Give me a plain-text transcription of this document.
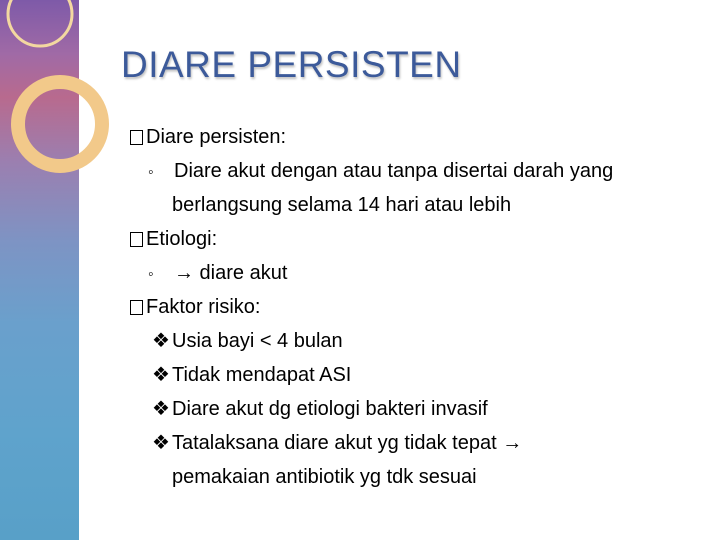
DIARE PERSISTEN
Diare persisten:
◦ Diare akut dengan atau tanpa disertai darah yang
berlangsung selama 14 hari atau lebih
Etiologi:
◦ → diare akut
Faktor risiko:
❖ Usia bayi < 4 bulan
❖ Tidak mendapat ASI
❖ Diare akut dg etiologi bakteri invasif
❖ Tatalaksana diare akut yg tidak tepat →
pemakaian antibiotik yg tdk sesuai
